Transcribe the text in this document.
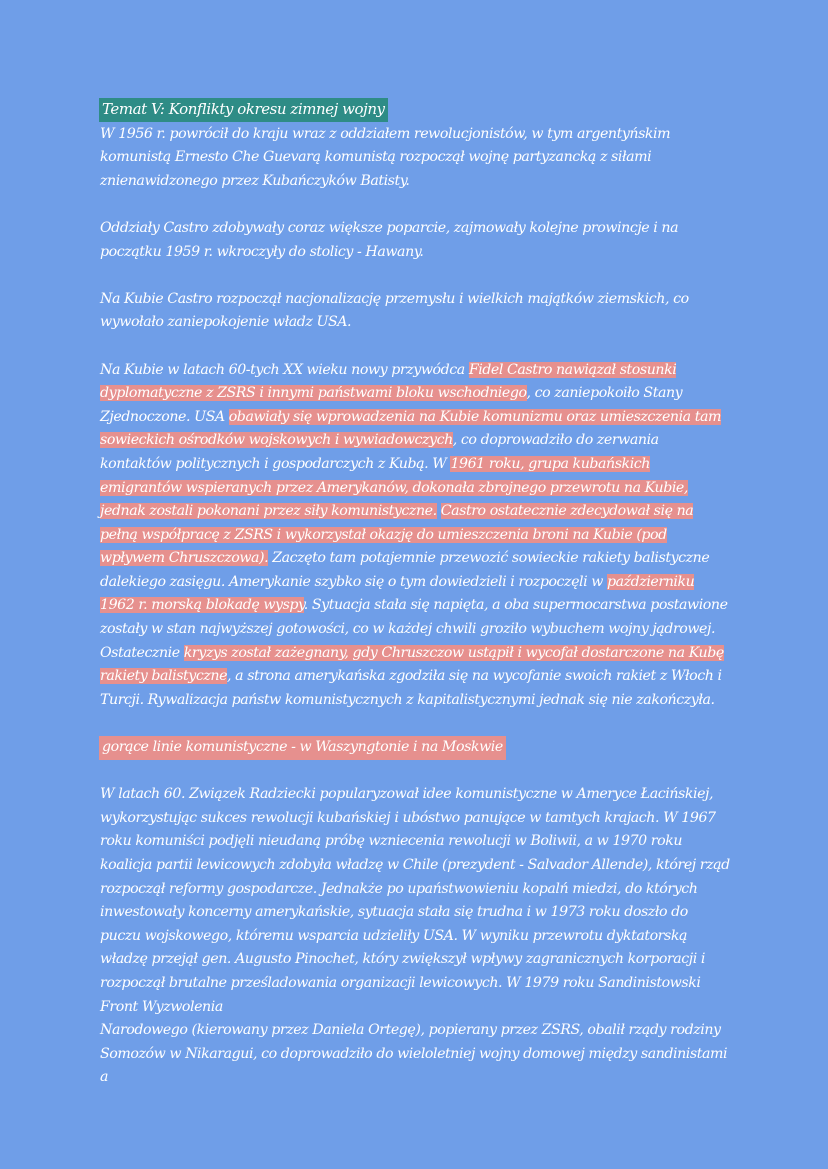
Temat V: Konflikty okresu zimnej wojny

W 1956 r. powrócił do kraju wraz z oddziałem rewolucjonistów, w tym argentyńskim komunistą Ernesto Che Guevarą komunistą rozpoczął wojnę partyzancką z siłami znienawidzonego przez Kubańczyków Batisty.

Oddziały Castro zdobywały coraz większe poparcie, zajmowały kolejne prowincje i na początku 1959 r. wkroczyły do stolicy - Hawany.

Na Kubie Castro rozpoczął nacjonalizację przemysłu i wielkich majątków ziemskich, co wywołało zaniepokojenie władz USA.

Na Kubie w latach 60-tych XX wieku nowy przywódca Fidel Castro nawiązał stosunki dyplomatyczne z ZSRS i innymi państwami bloku wschodniego, co zaniepokoiło Stany Zjednoczone. USA obawiały się wprowadzenia na Kubie komunizmu oraz umieszczenia tam sowieckich ośrodków wojskowych i wywiadowczych, co doprowadziło do zerwania kontaktów politycznych i gospodarczych z Kubą. W 1961 roku, grupa kubańskich emigrantów wspieranych przez Amerykanów, dokonała zbrojnego przewrotu na Kubie, jednak zostali pokonani przez siły komunistyczne. Castro ostatecznie zdecydował się na pełną współpracę z ZSRS i wykorzystał okazję do umieszczenia broni na Kubie (pod wpływem Chruszczowa). Zaczęto tam potajemnie przewozić sowieckie rakiety balistyczne dalekiego zasięgu. Amerykanie szybko się o tym dowiedzieli i rozpoczęli w październiku 1962 r. morską blokadę wyspy. Sytuacja stała się napięta, a oba supermocarstwa postawione zostały w stan najwyższej gotowości, co w każdej chwili groziło wybuchem wojny jądrowej. Ostatecznie kryzys został zażegnany, gdy Chruszczow ustąpił i wycofał dostarczone na Kubę rakiety balistyczne, a strona amerykańska zgodziła się na wycofanie swoich rakiet z Włoch i Turcji. Rywalizacja państw komunistycznych z kapitalistycznymi jednak się nie zakończyła.

gorące linie komunistyczne - w Waszyngtonie i na Moskwie

W latach 60. Związek Radziecki popularyzował idee komunistyczne w Ameryce Łacińskiej, wykorzystując sukces rewolucji kubańskiej i ubóstwo panujące w tamtych krajach. W 1967 roku komuniści podjęli nieudaną próbę wzniecenia rewolucji w Boliwii, a w 1970 roku koalicja partii lewicowych zdobyła władzę w Chile (prezydent - Salvador Allende), której rząd rozpoczął reformy gospodarcze. Jednakże po upaństwowieniu kopalń miedzi, do których inwestowały koncerny amerykańskie, sytuacja stała się trudna i w 1973 roku doszło do puczu wojskowego, któremu wsparcia udzieliły USA. W wyniku przewrotu dyktatorską władzę przejął gen. Augusto Pinochet, który zwiększył wpływy zagranicznych korporacji i rozpoczął brutalne prześladowania organizacji lewicowych. W 1979 roku Sandinistowski Front Wyzwolenia

Narodowego (kierowany przez Daniela Ortegę), popierany przez ZSRS, obalił rządy rodziny Somozów w Nikaragui, co doprowadziło do wieloletniej wojny domowej między sandinistami a
